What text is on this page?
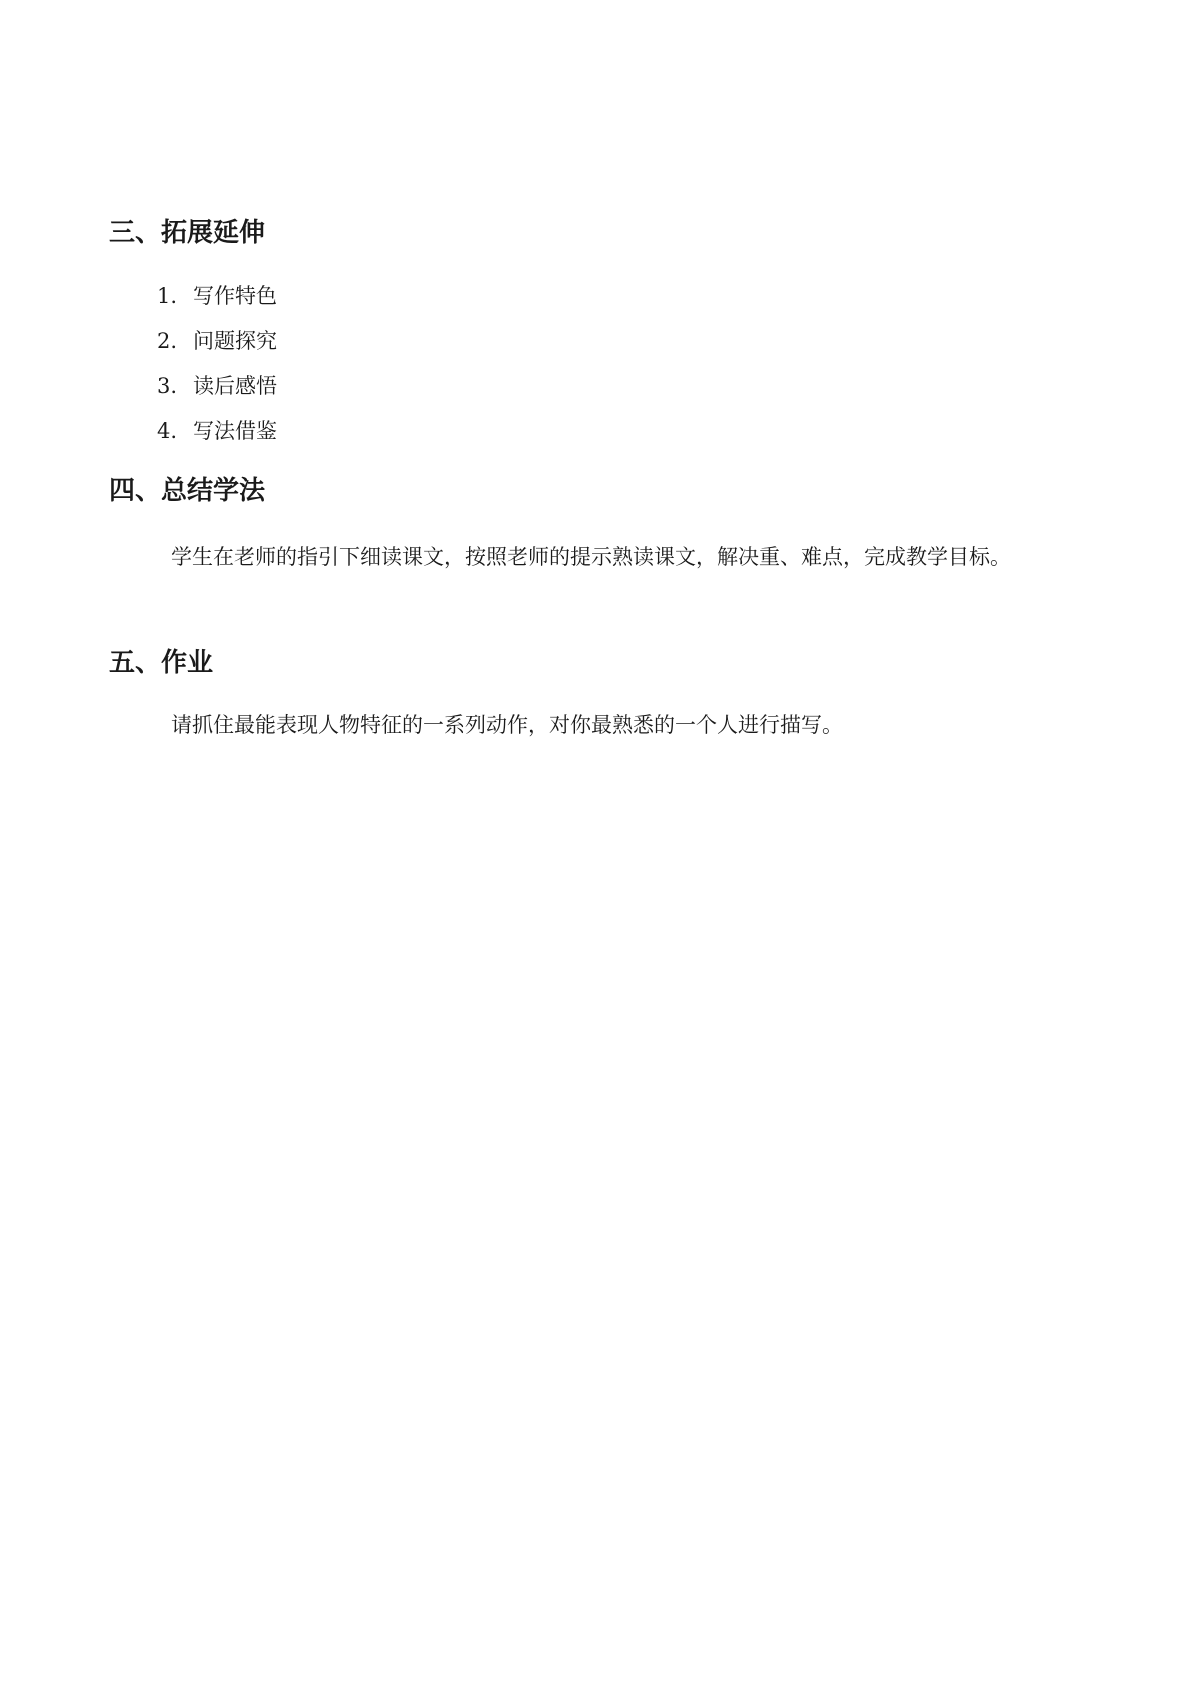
三、拓展延伸
1. 写作特色
2. 问题探究
3. 读后感悟
4. 写法借鉴
四、总结学法

学生在老师的指引下细读课文，按照老师的提示熟读课文，解决重、难点，完成教学目标。

五、作业

请抓住最能表现人物特征的一系列动作，对你最熟悉的一个人进行描写。
